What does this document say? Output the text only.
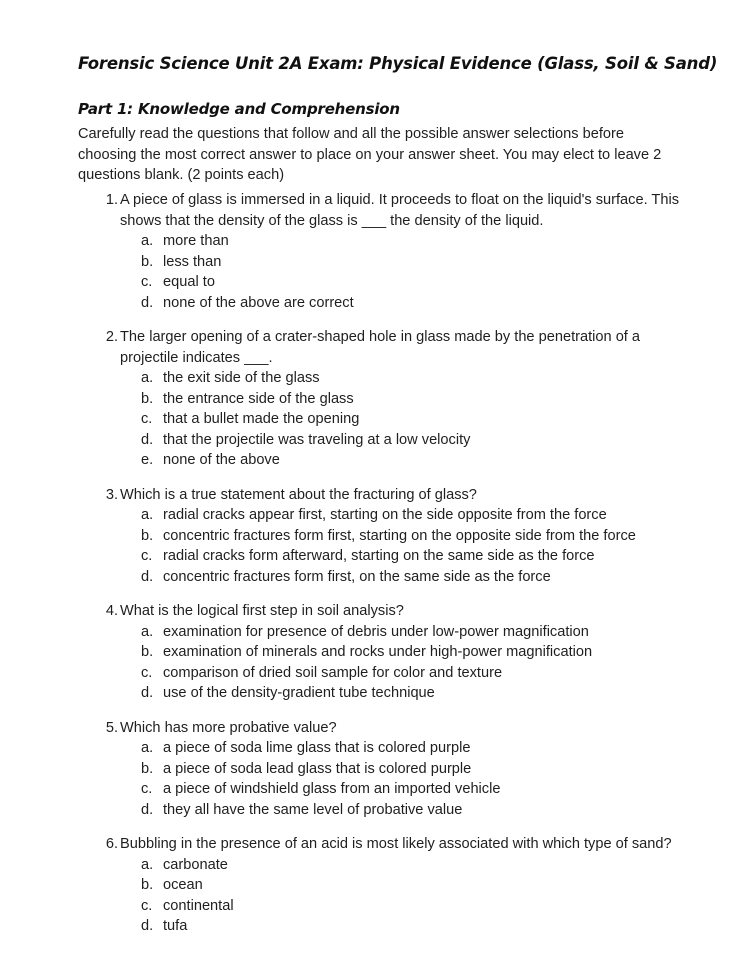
Forensic Science Unit 2A Exam: Physical Evidence (Glass, Soil & Sand)
Part 1: Knowledge and Comprehension
Carefully read the questions that follow and all the possible answer selections before choosing the most correct answer to place on your answer sheet. You may elect to leave 2 questions blank. (2 points each)
1. A piece of glass is immersed in a liquid. It proceeds to float on the liquid's surface. This shows that the density of the glass is ___ the density of the liquid.
a. more than
b. less than
c. equal to
d. none of the above are correct
2. The larger opening of a crater-shaped hole in glass made by the penetration of a projectile indicates ___.
a. the exit side of the glass
b. the entrance side of the glass
c. that a bullet made the opening
d. that the projectile was traveling at a low velocity
e. none of the above
3. Which is a true statement about the fracturing of glass?
a. radial cracks appear first, starting on the side opposite from the force
b. concentric fractures form first, starting on the opposite side from the force
c. radial cracks form afterward, starting on the same side as the force
d. concentric fractures form first, on the same side as the force
4. What is the logical first step in soil analysis?
a. examination for presence of debris under low-power magnification
b. examination of minerals and rocks under high-power magnification
c. comparison of dried soil sample for color and texture
d. use of the density-gradient tube technique
5. Which has more probative value?
a. a piece of soda lime glass that is colored purple
b. a piece of soda lead glass that is colored purple
c. a piece of windshield glass from an imported vehicle
d. they all have the same level of probative value
6. Bubbling in the presence of an acid is most likely associated with which type of sand?
a. carbonate
b. ocean
c. continental
d. tufa
